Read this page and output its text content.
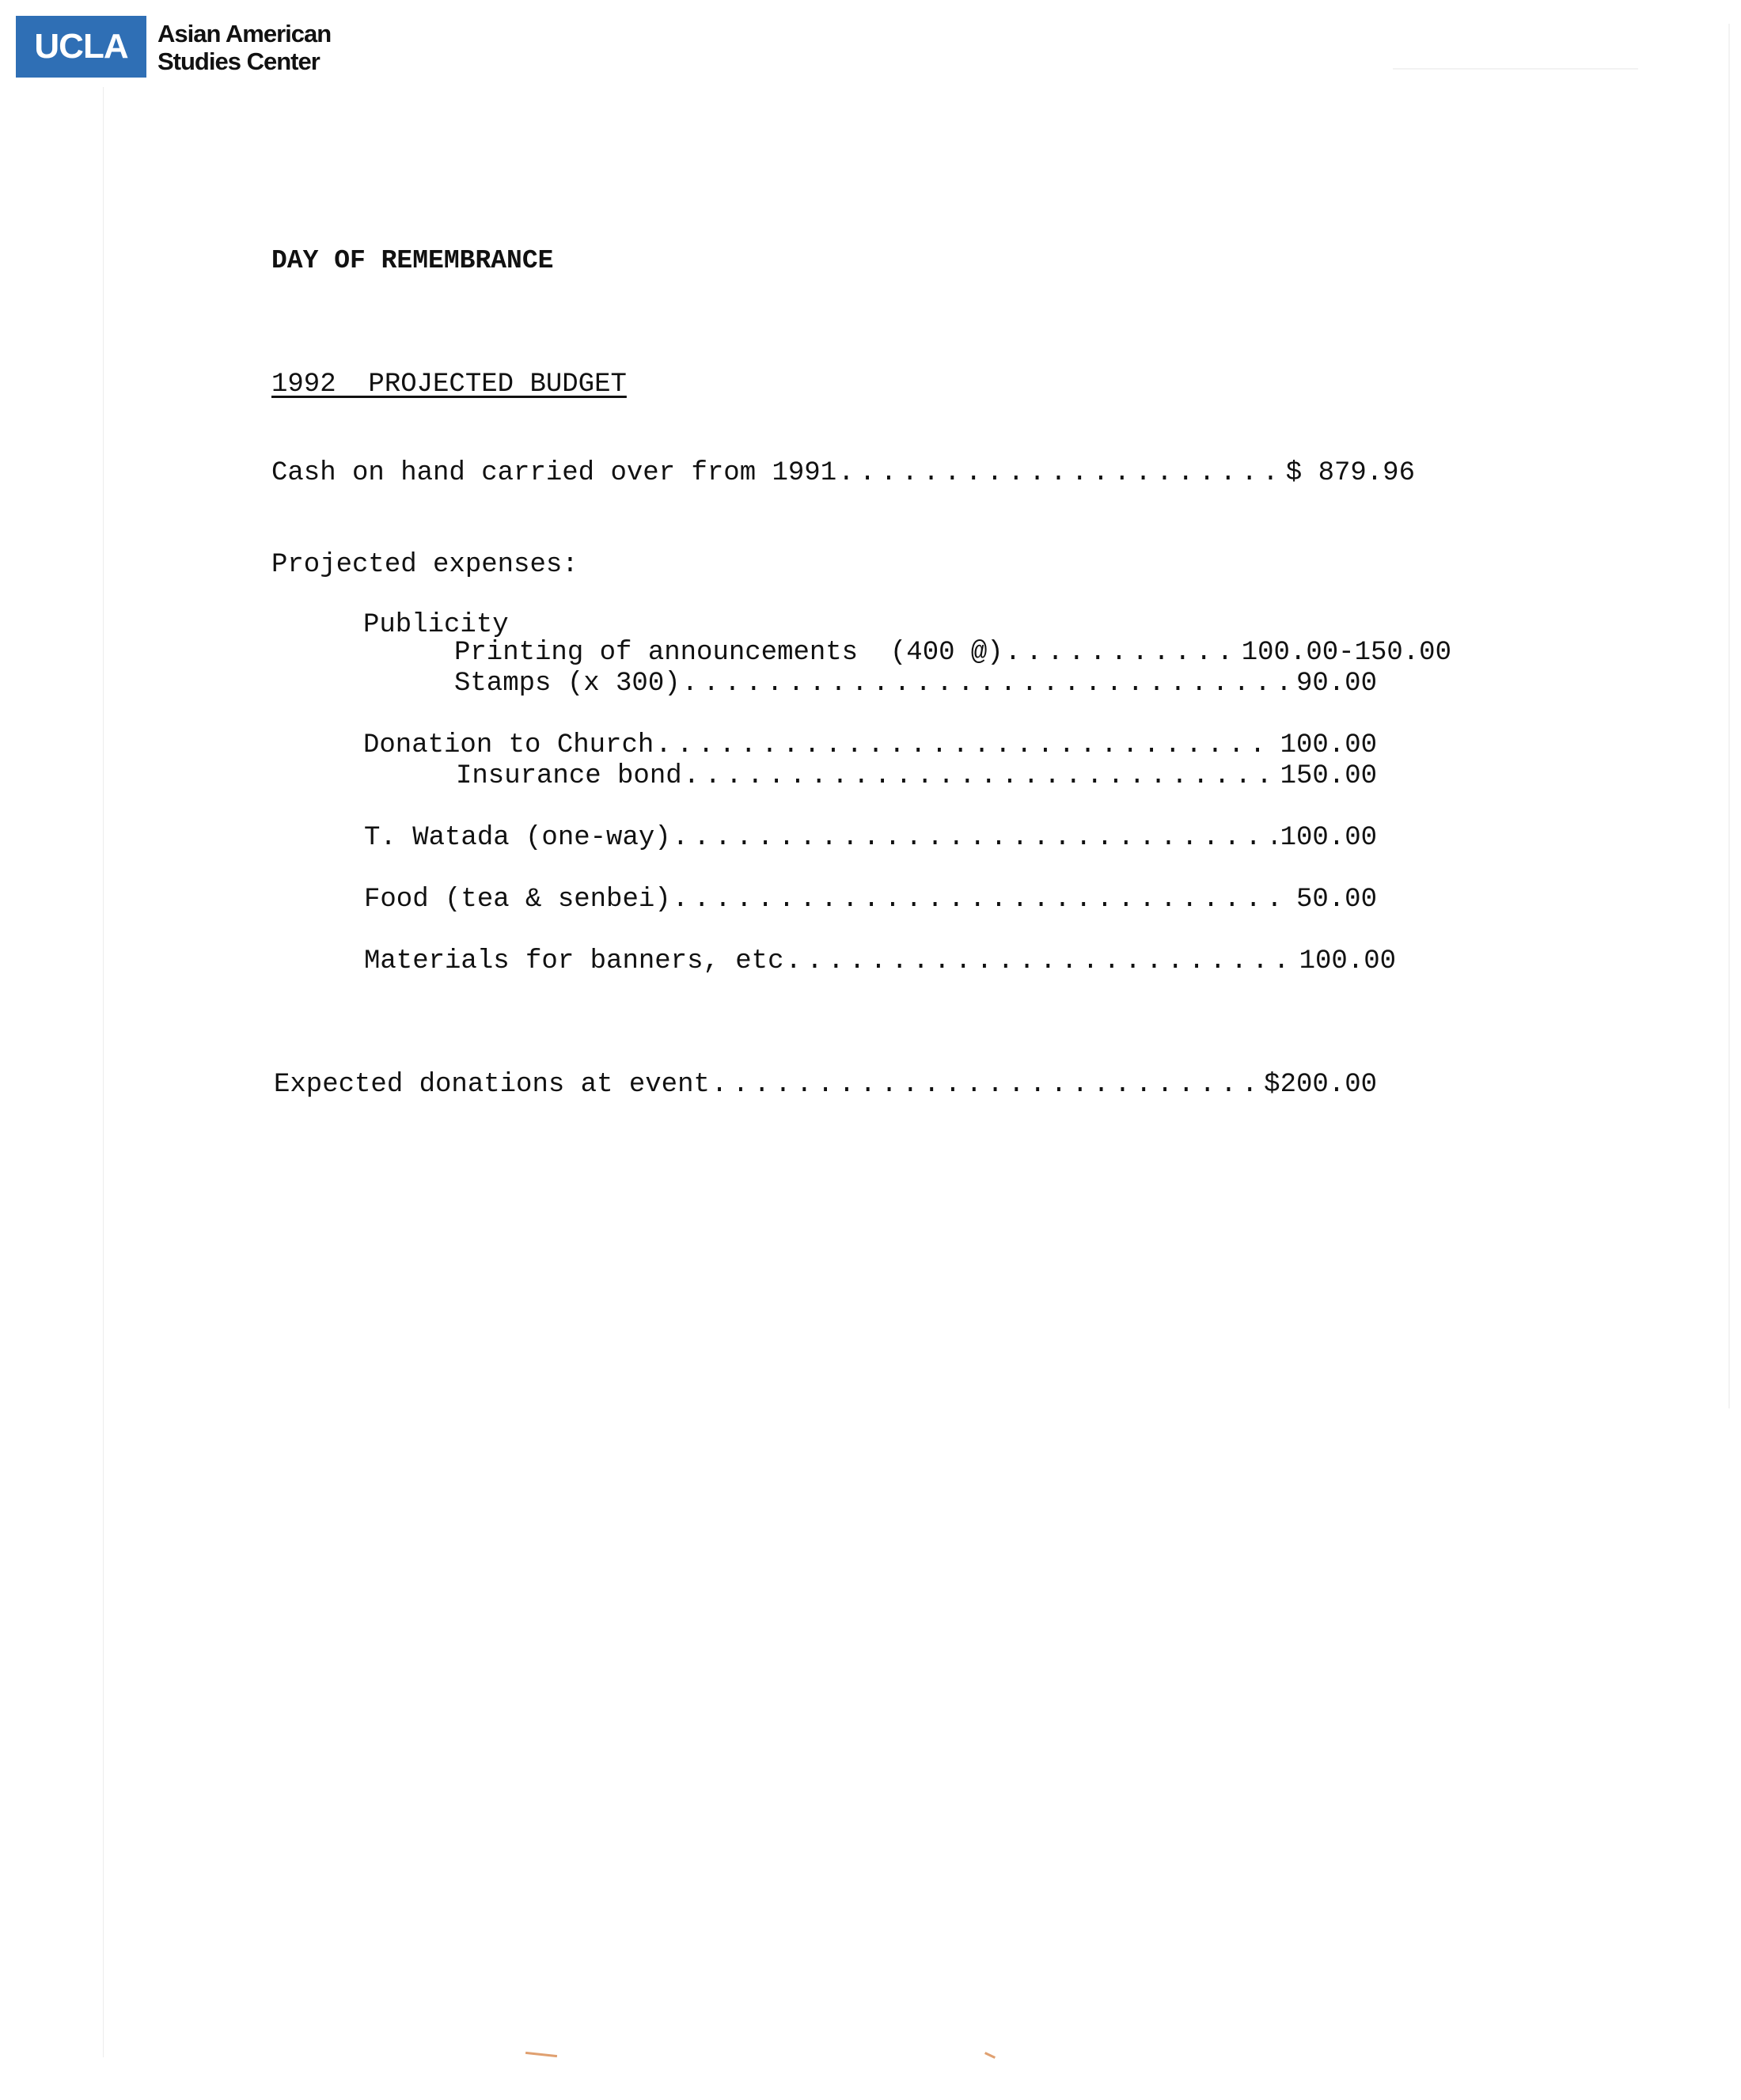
UCLA	Asian American
Studies Center
DAY OF REMEMBRANCE
1992  PROJECTED BUDGET
Cash on hand carried over from 1991 . . .	$ 879.96
Projected expenses:
Publicity
Printing of announcements  (400 @) . . .	100.00-150.00
Stamps (x 300) . . .	90.00
Donation to Church . . .	100.00
Insurance bond . . .	150.00
T. Watada (one-way) . . .	100.00
Food (tea & senbei) . . .	50.00
Materials for banners, etc . . .	100.00
Expected donations at event . . .	$200.00
